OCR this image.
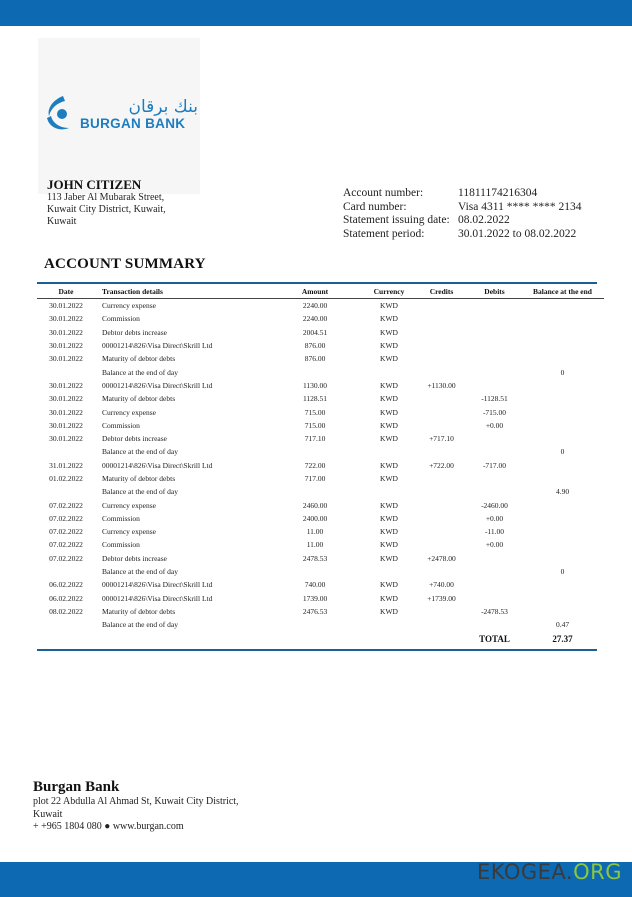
بنك برقان
BURGAN BANK
JOHN CITIZEN
113 Jaber Al Mubarak Street,
Kuwait City District, Kuwait,
Kuwait
Account number:	11811174216304
Card number:	Visa 4311 **** **** 2134
Statement issuing date: 08.02.2022
Statement period:	30.01.2022 to 08.02.2022
ACCOUNT SUMMARY
Date	Transaction details	Amount	Currency	Credits	Debits	Balance at the end
30.01.2022	Currency expense	2240.00	KWD			
30.01.2022	Commission	2240.00	KWD			
30.01.2022	Debtor debts increase	2004.51	KWD			
30.01.2022	00001214\826\Visa Direct\Skrill Ltd	876.00	KWD			
30.01.2022	Maturity of debtor debts	876.00	KWD			
	Balance at the end of day					0
30.01.2022	00001214\826\Visa Direct\Skrill Ltd	1130.00	KWD	+1130.00		
30.01.2022	Maturity of debtor debts	1128.51	KWD		-1128.51	
30.01.2022	Currency expense	715.00	KWD		-715.00	
30.01.2022	Commission	715.00	KWD		+0.00	
30.01.2022	Debtor debts increase	717.10	KWD	+717.10		
	Balance at the end of day					0
31.01.2022	00001214\826\Visa Direct\Skrill Ltd	722.00	KWD	+722.00	-717.00	
01.02.2022	Maturity of debtor debts	717.00	KWD			
	Balance at the end of day					4.90
07.02.2022	Currency expense	2460.00	KWD		-2460.00	
07.02.2022	Commission	2400.00	KWD		+0.00	
07.02.2022	Currency expense	11.00	KWD		-11.00	
07.02.2022	Commission	11.00	KWD		+0.00	
07.02.2022	Debtor debts increase	2478.53	KWD	+2478.00		
	Balance at the end of day					0
06.02.2022	00001214\826\Visa Direct\Skrill Ltd	740.00	KWD	+740.00		
06.02.2022	00001214\826\Visa Direct\Skrill Ltd	1739.00	KWD	+1739.00		
08.02.2022	Maturity of debtor debts	2476.53	KWD		-2478.53	
	Balance at the end of day					0.47
					TOTAL	27.37
Burgan Bank
plot 22 Abdulla Al Ahmad St, Kuwait City District,
Kuwait
+ +965 1804 080 ● www.burgan.com
EKOGEA.ORG
